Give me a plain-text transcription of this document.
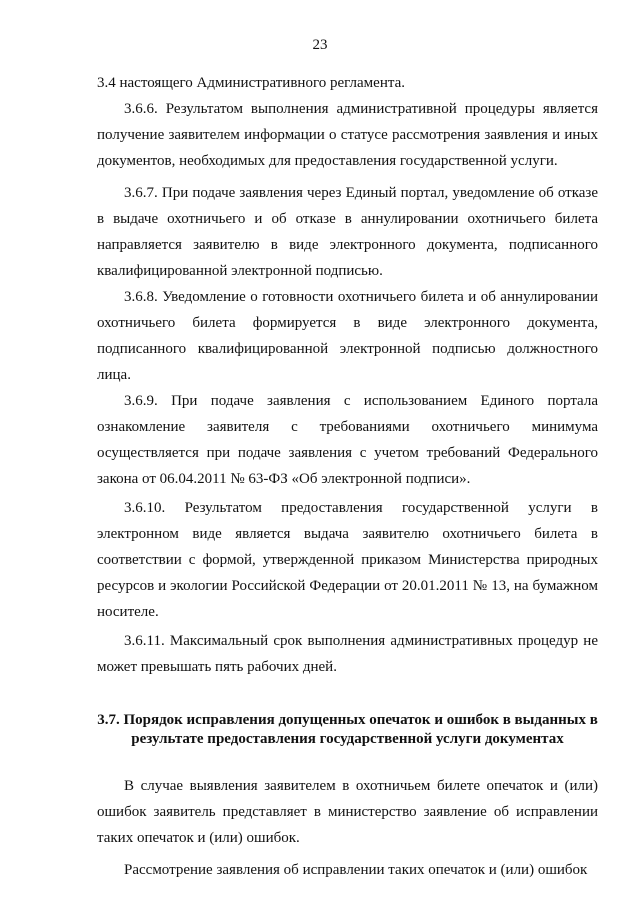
23

3.4 настоящего Административного регламента.

3.6.6. Результатом выполнения административной процедуры является получение заявителем информации о статусе рассмотрения заявления и иных документов, необходимых для предоставления государственной услуги.

3.6.7. При подаче заявления через Единый портал, уведомление об отказе в выдаче охотничьего и об отказе в аннулировании охотничьего билета направляется заявителю в виде электронного документа, подписанного квалифицированной электронной подписью.

3.6.8. Уведомление о готовности охотничьего билета и об аннулировании охотничьего билета формируется в виде электронного документа, подписанного квалифицированной электронной подписью должностного лица.

3.6.9. При подаче заявления с использованием Единого портала ознакомление заявителя с требованиями охотничьего минимума осуществляется при подаче заявления с учетом требований Федерального закона от 06.04.2011 № 63-ФЗ «Об электронной подписи».

3.6.10. Результатом предоставления государственной услуги в электронном виде является выдача заявителю охотничьего билета в соответствии с формой, утвержденной приказом Министерства природных ресурсов и экологии Российской Федерации от 20.01.2011 № 13, на бумажном носителе.

3.6.11. Максимальный срок выполнения административных процедур не может превышать пять рабочих дней.

3.7. Порядок исправления допущенных опечаток и ошибок в выданных в результате предоставления государственной услуги документах

В случае выявления заявителем в охотничьем билете опечаток и (или) ошибок заявитель представляет в министерство заявление об исправлении таких опечаток и (или) ошибок.

Рассмотрение заявления об исправлении таких опечаток и (или) ошибок
